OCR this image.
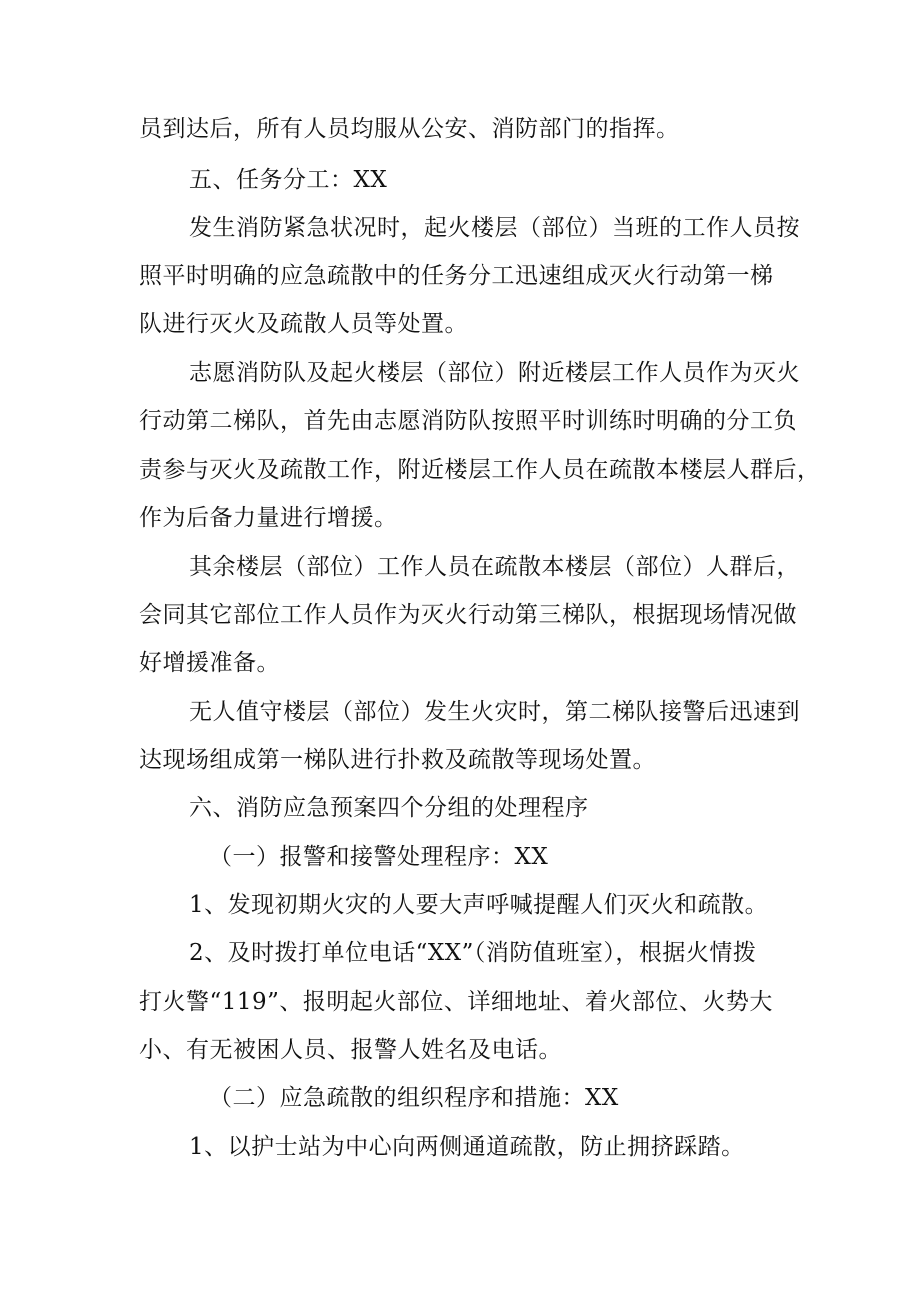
员到达后，所有人员均服从公安、消防部门的指挥。
五、任务分工：XX
发生消防紧急状况时，起火楼层（部位）当班的工作人员按
照平时明确的应急疏散中的任务分工迅速组成灭火行动第一梯
队进行灭火及疏散人员等处置。
志愿消防队及起火楼层（部位）附近楼层工作人员作为灭火
行动第二梯队，首先由志愿消防队按照平时训练时明确的分工负
责参与灭火及疏散工作，附近楼层工作人员在疏散本楼层人群后，
作为后备力量进行增援。
其余楼层（部位）工作人员在疏散本楼层（部位）人群后，
会同其它部位工作人员作为灭火行动第三梯队，根据现场情况做
好增援准备。
无人值守楼层（部位）发生火灾时，第二梯队接警后迅速到
达现场组成第一梯队进行扑救及疏散等现场处置。
六、消防应急预案四个分组的处理程序
（一）报警和接警处理程序：XX
1、发现初期火灾的人要大声呼喊提醒人们灭火和疏散。
2、及时拨打单位电话“XX”（消防值班室），根据火情拨
打火警“119”、报明起火部位、详细地址、着火部位、火势大
小、有无被困人员、报警人姓名及电话。
（二）应急疏散的组织程序和措施：XX
1、以护士站为中心向两侧通道疏散，防止拥挤踩踏。
